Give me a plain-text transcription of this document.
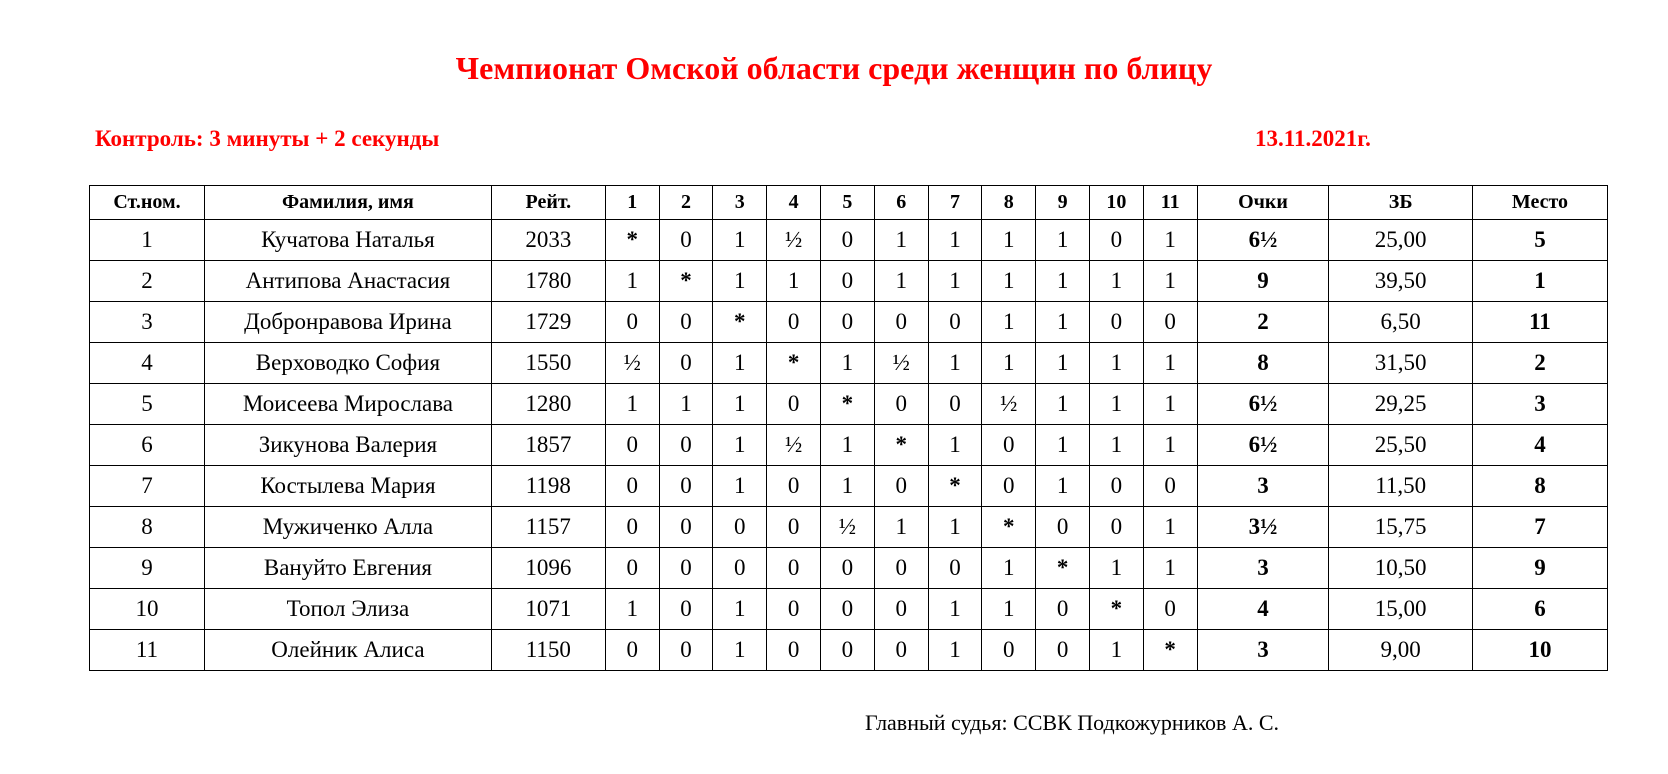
Чемпионат Омской области среди женщин по блицу
Контроль: 3 минуты + 2 секунды	13.11.2021г.
Ст.ном.	Фамилия, имя	Рейт.	1	2	3	4	5	6	7	8	9	10	11	Очки	ЗБ	Место
1	Кучатова Наталья	2033	*	0	1	½	0	1	1	1	1	0	1	6½	25,00	5
2	Антипова Анастасия	1780	1	*	1	1	0	1	1	1	1	1	1	9	39,50	1
3	Добронравова Ирина	1729	0	0	*	0	0	0	0	1	1	0	0	2	6,50	11
4	Верховодко София	1550	½	0	1	*	1	½	1	1	1	1	1	8	31,50	2
5	Моисеева Мирослава	1280	1	1	1	0	*	0	0	½	1	1	1	6½	29,25	3
6	Зикунова Валерия	1857	0	0	1	½	1	*	1	0	1	1	1	6½	25,50	4
7	Костылева Мария	1198	0	0	1	0	1	0	*	0	1	0	0	3	11,50	8
8	Мужиченко Алла	1157	0	0	0	0	½	1	1	*	0	0	1	3½	15,75	7
9	Вануйто Евгения	1096	0	0	0	0	0	0	0	1	*	1	1	3	10,50	9
10	Топол Элиза	1071	1	0	1	0	0	0	1	1	0	*	0	4	15,00	6
11	Олейник Алиса	1150	0	0	1	0	0	0	1	0	0	1	*	3	9,00	10
Главный судья: ССВК Подкожурников А. С.
